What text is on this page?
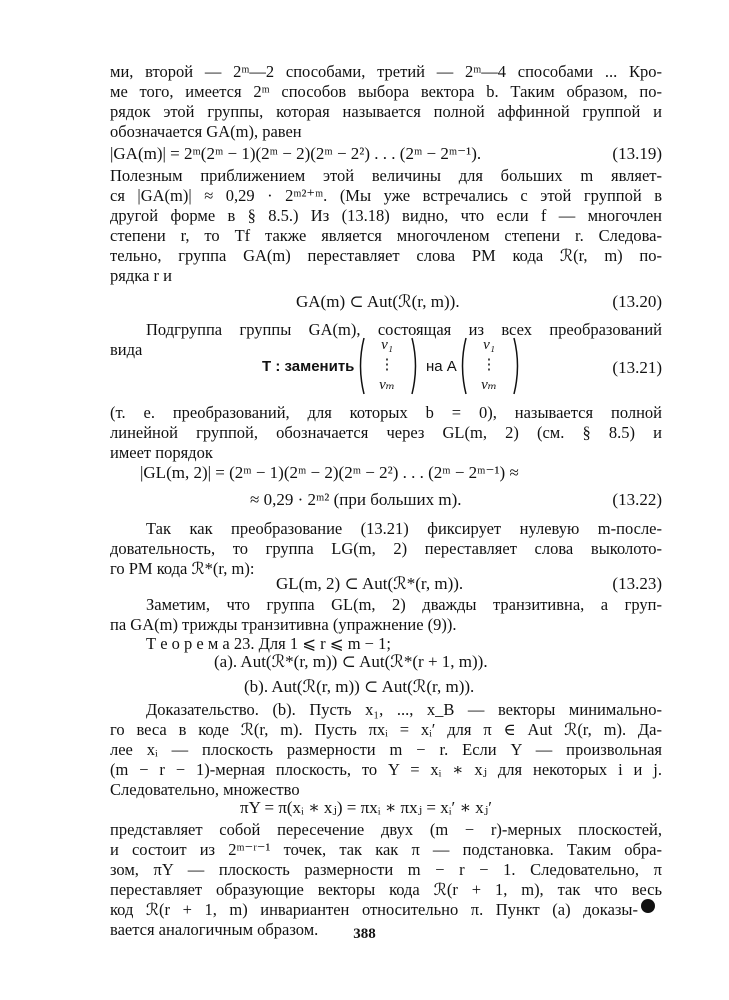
ми, второй — 2ᵐ—2 способами, третий — 2ᵐ—4 способами ... Кро-
ме того, имеется 2ᵐ способов выбора вектора b. Таким образом, по-
рядок этой группы, которая называется полной аффинной группой и
обозначается GA(m), равен
|GA(m)| = 2ᵐ(2ᵐ − 1)(2ᵐ − 2)(2ᵐ − 2²) . . . (2ᵐ − 2ᵐ⁻¹).	(13.19)
Полезным приближением этой величины для больших m являет-
ся |GA(m)| ≈ 0,29 · 2ᵐ²⁺ᵐ. (Мы уже встречались с этой группой в
другой форме в § 8.5.) Из (13.18) видно, что если f — многочлен
степени r, то Tf также является многочленом степени r. Следова-
тельно, группа GA(m) переставляет слова РМ кода ℛ(r, m) по-
рядка r и
GA(m) ⊂ Aut(ℛ(r, m)).	(13.20)
Подгруппа группы GA(m), состоящая из всех преобразований
вида
T : заменить
v₁
⋮
vₘ
на A
v₁
⋮
vₘ
(13.21)
(т. е. преобразований, для которых b = 0), называется полной
линейной группой, обозначается через GL(m, 2) (см. § 8.5) и
имеет порядок
|GL(m, 2)| = (2ᵐ − 1)(2ᵐ − 2)(2ᵐ − 2²) . . . (2ᵐ − 2ᵐ⁻¹) ≈
≈ 0,29 · 2ᵐ² (при больших m).	(13.22)
Так как преобразование (13.21) фиксирует нулевую m-после-
довательность, то группа LG(m, 2) переставляет слова выколото-
го РМ кода ℛ*(r, m):
GL(m, 2) ⊂ Aut(ℛ*(r, m)).	(13.23)
Заметим, что группа GL(m, 2) дважды транзитивна, а груп-
па GA(m) трижды транзитивна (упражнение (9)).
Т е о р е м а 23. Для 1 ⩽ r ⩽ m − 1;
(a). Aut(ℛ*(r, m)) ⊂ Aut(ℛ*(r + 1, m)).
(b). Aut(ℛ(r, m)) ⊂ Aut(ℛ(r, m)).
Доказательство. (b). Пусть x₁, ..., x_B — векторы минимально-
го веса в коде ℛ(r, m). Пусть πxᵢ = xᵢ′ для π ∈ Aut ℛ(r, m). Да-
лее xᵢ — плоскость размерности m − r. Если Y — произвольная
(m − r − 1)-мерная плоскость, то Y = xᵢ ∗ xⱼ для некоторых i и j.
Следовательно, множество
πY = π(xᵢ ∗ xⱼ) = πxᵢ ∗ πxⱼ = xᵢ′ ∗ xⱼ′
представляет собой пересечение двух (m − r)-мерных плоскостей,
и состоит из 2ᵐ⁻ʳ⁻¹ точек, так как π — подстановка. Таким обра-
зом, πY — плоскость размерности m − r − 1. Следовательно, π
переставляет образующие векторы кода ℛ(r + 1, m), так что весь
код ℛ(r + 1, m) инвариантен относительно π. Пункт (a) доказы-
вается аналогичным образом.	388
